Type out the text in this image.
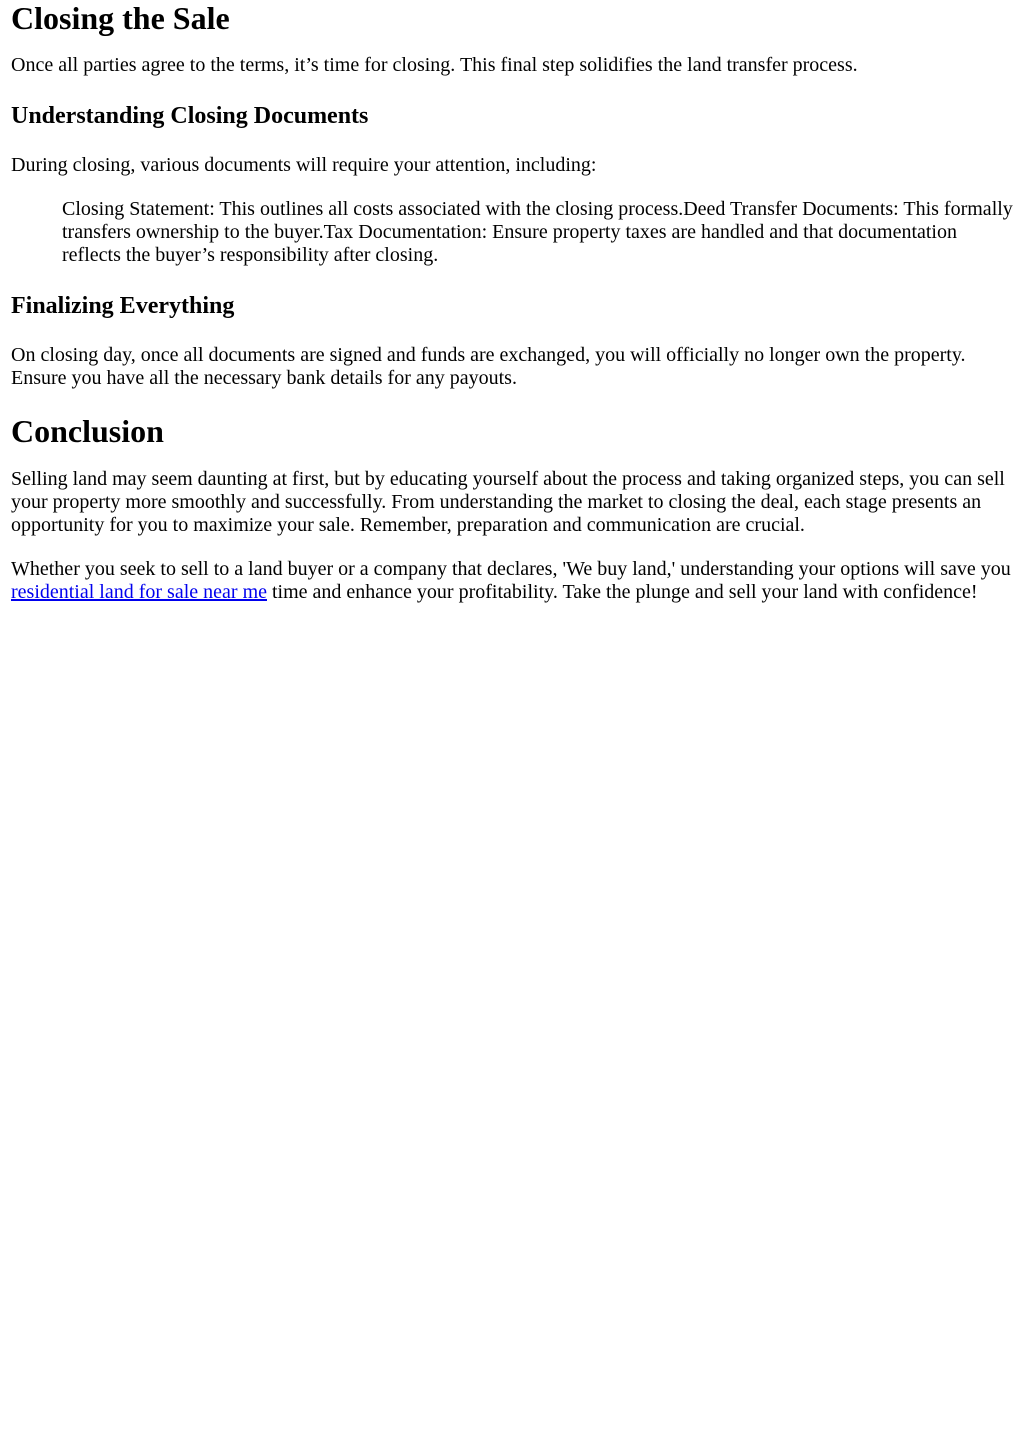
Closing the Sale

Once all parties agree to the terms, it’s time for closing. This final step solidifies the land transfer process.

Understanding Closing Documents

During closing, various documents will require your attention, including:

Closing Statement: This outlines all costs associated with the closing process.Deed Transfer Documents: This formally transfers ownership to the buyer.Tax Documentation: Ensure property taxes are handled and that documentation reflects the buyer’s responsibility after closing.
Finalizing Everything

On closing day, once all documents are signed and funds are exchanged, you will officially no longer own the property. Ensure you have all the necessary bank details for any payouts.

Conclusion

Selling land may seem daunting at first, but by educating yourself about the process and taking organized steps, you can sell your property more smoothly and successfully. From understanding the market to closing the deal, each stage presents an opportunity for you to maximize your sale. Remember, preparation and communication are crucial.

Whether you seek to sell to a land buyer or a company that declares, 'We buy land,' understanding your options will save you residential land for sale near me time and enhance your profitability. Take the plunge and sell your land with confidence!
